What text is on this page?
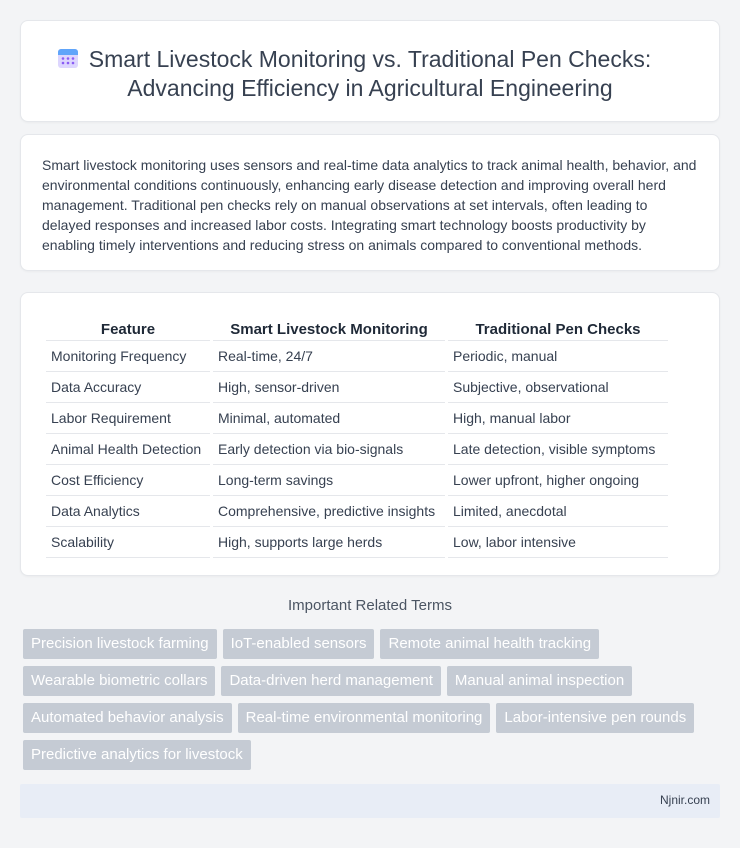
Smart Livestock Monitoring vs. Traditional Pen Checks:
Advancing Efficiency in Agricultural Engineering

Smart livestock monitoring uses sensors and real-time data analytics to track animal health, behavior, and environmental conditions continuously, enhancing early disease detection and improving overall herd management. Traditional pen checks rely on manual observations at set intervals, often leading to delayed responses and increased labor costs. Integrating smart technology boosts productivity by enabling timely interventions and reducing stress on animals compared to conventional methods.

Feature	Smart Livestock Monitoring	Traditional Pen Checks
Monitoring Frequency	Real-time, 24/7	Periodic, manual
Data Accuracy	High, sensor-driven	Subjective, observational
Labor Requirement	Minimal, automated	High, manual labor
Animal Health Detection	Early detection via bio-signals	Late detection, visible symptoms
Cost Efficiency	Long-term savings	Lower upfront, higher ongoing
Data Analytics	Comprehensive, predictive insights	Limited, anecdotal
Scalability	High, supports large herds	Low, labor intensive
Important Related Terms
Precision livestock farming	IoT-enabled sensors	Remote animal health tracking
Wearable biometric collars	Data-driven herd management	Manual animal inspection
Automated behavior analysis	Real-time environmental monitoring	Labor-intensive pen rounds
Predictive analytics for livestock
Njnir.com
